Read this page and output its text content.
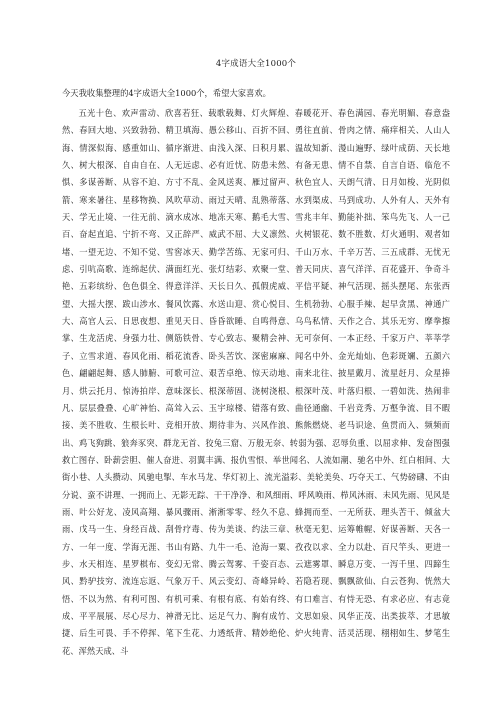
4字成语大全1000个
今天我收集整理的4字成语大全1000个，希望大家喜欢。

五光十色、欢声雷动、欣喜若狂、载歌载舞、灯火辉煌、春暖花开、春色满园、春光明媚、春意盎然、春回大地、兴致勃勃、精卫填海、愚公移山、百折不回、勇往直前、骨肉之情、痛痒相关、人山人海、情深似海、感重如山、循序渐进、由浅入深、日积月累、温故知新、漫山遍野、绿叶成荫、天长地久、树大根深、自由自在、人无远虑、必有近忧、防患未然、有备无患、情不自禁、自言自语、临危不惧、多谋善断、从容不迫、方寸不乱、金风送爽、雁过留声、秋色宜人、天朗气清、日月如梭、光阴似箭、寒来暑往、星移物换、风吹草动、雨过天晴、乱熟蒂落、水到渠成、马到成功、人外有人、天外有天、学无止境、一往无前、滴水成冰、地冻天寒、鹅毛大雪、雪兆丰年、勤能补拙、笨鸟先飞、人一己百、奋起直追、宁折不弯、又正辞严、威武不屈、大义凛然、火树银花、数不胜数、灯火通明、观者如堵、一望无边、不知不觉、雪窖冰天、勤学苦练、无家可归、千山万水、千辛万苦、三五成群、无忧无虑、引吭高歌、连绵起伏、满面红光、张灯结彩、欢聚一堂、普天同庆、喜气洋洋、百花盛开、争奇斗艳、五彩缤纷、色色俱全、得意洋洋、天长日久、孤假虎威、平信平疑、神气活现、摇头摆尾、东张西望、大摇大摆、跋山涉水、餐风饮露、水送山迎、赏心悦目、生机勃勃、心服手辣、起早贪黑、神通广大、高官人云、日思夜想、重见天日、昏昏欲睡、自鸣得意、乌鸟私情、天作之合、其乐无穷、摩拳擦掌、生龙活虎、身强力壮、侧筋铁骨、专心致志、聚精会神、无可奈何、一本正经、千家万户、莘莘学子、立雪求道、春风化雨、稻花流香、卧头苦饮、深密麻麻、闻名中外、金光灿灿、色彩斑斓、五颜六色、翩翩起舞、感人肺腑、可歌可泣、艰苦卓绝、惊天动地、南来北往、披星戴月、流星赶月、众星捧月、烘云托月、惊涛拍岸、意味深长、根深蒂固、浇树浇根、根深叶茂、叶落归根、一碧如洗、热闹非凡、层层叠叠、心旷神怡、高耸入云、玉宇琼楼、错落有致、曲径通幽、千岩竞秀、万壑争流、目不暇接、美不胜收、生根长叶、竞相开放、期待非为、兴风作浪、熊熊燃烧、老马识途、鱼贯而入、频频而出、鸡飞狗跳、狼奔豕突、群龙无首、狡兔三窟、万般无奈、转弱为强、忍辱负重、以屈求伸、发奋图强救亡图存、卧薪尝胆、催人奋进、羽翼丰满、报仇雪恨、举世闻名、人流如潮、驰名中外、红白相间、大街小巷、人头攒动、风驰电掣、车水马龙、华灯初上、流光溢彩、美轮美奂、巧夺天工、气势磅礴、不由分说、蛮不讲理、一拥而上、无影无踪、干干净净、和风细雨、呼风唤雨、栉风沐雨、未风先雨、见风是雨、叶公好龙、凌风高翔、暴风骤雨、淅淅零零、经久不息、蜂拥而至、一无所获、理头苦干、倾盆大雨、戊马一生、身经百战、刮骨疗毒、传为美谈、约法三章、秋毫无犯、运筹帷幄、好谋善断、天各一方、一年一度、学海无涯、书山有路、九牛一毛、沧海一粟、孜孜以求、全力以赴、百尺竿头、更进一步、水天相连、星罗棋布、变幻无常、腾云驾雾、千姿百态、云遮雾罩、瞬息万变、一泻千里、四蹄生风、黔驴技穷、流连忘返、气象万千、风云变幻、奇峰异岭、若隐若现、飘飘欲仙、白云苍狗、恍然大悟、不以为然、有利可图、有机可乘、有根有底、有始有终、有口难言、有恃无恐、有求必应、有志竟成、平平展展、尽心尽力、神滑无比、运足气力、胸有成竹、文思如泉、风华正茂、出类拔萃、才思敏捷、后生可畏、手不停挥、笔下生花、力透纸背、精妙绝伦、炉火纯青、活灵活现、栩栩如生、梦笔生花、浑然天成、斗
